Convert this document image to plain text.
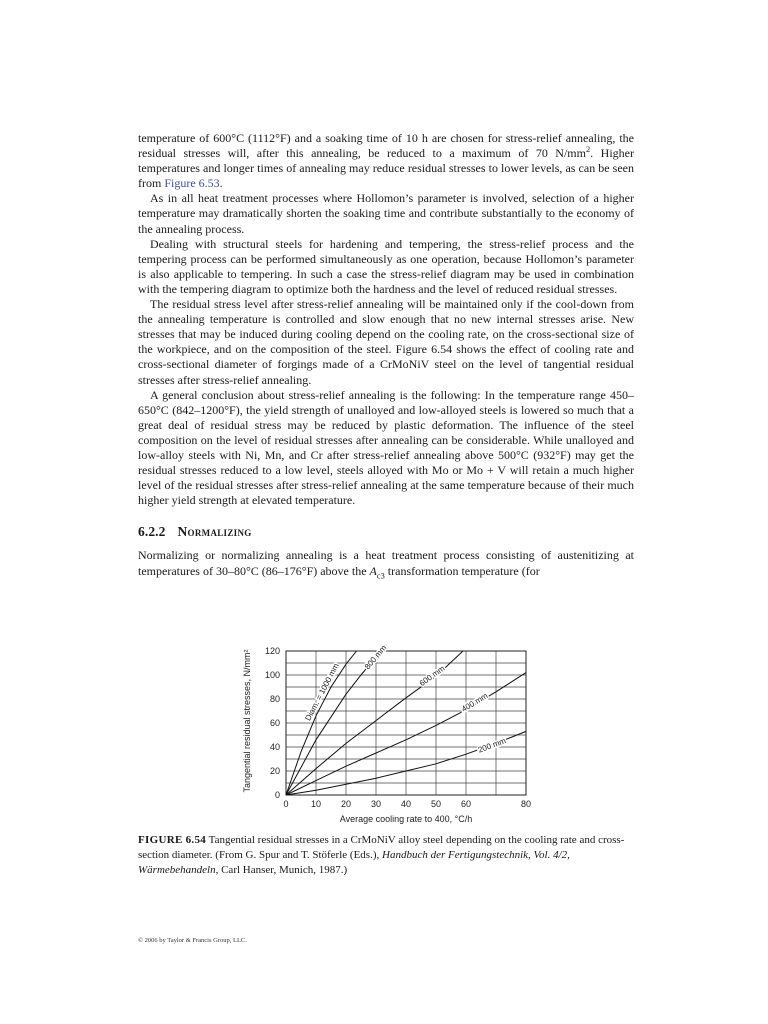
temperature of 600°C (1112°F) and a soaking time of 10 h are chosen for stress-relief annealing, the residual stresses will, after this annealing, be reduced to a maximum of 70 $N/mm^2$. Higher temperatures and longer times of annealing may reduce residual stresses to lower levels, as can be seen from Figure 6.53.

As in all heat treatment processes where Hollomon’s parameter is involved, selection of a higher temperature may dramatically shorten the soaking time and contribute substantially to the economy of the annealing process.

Dealing with structural steels for hardening and tempering, the stress-relief process and the tempering process can be performed simultaneously as one operation, because Hollomon’s parameter is also applicable to tempering. In such a case the stress-relief diagram may be used in combination with the tempering diagram to optimize both the hardness and the level of reduced residual stresses.

The residual stress level after stress-relief annealing will be maintained only if the cool-down from the annealing temperature is controlled and slow enough that no new internal stresses arise. New stresses that may be induced during cooling depend on the cooling rate, on the cross-sectional size of the workpiece, and on the composition of the steel. Figure 6.54 shows the effect of cooling rate and cross-sectional diameter of forgings made of a CrMoNiV steel on the level of tangential residual stresses after stress-relief annealing.

A general conclusion about stress-relief annealing is the following: In the temperature range 450–650°C (842–1200°F), the yield strength of unalloyed and low-alloyed steels is lowered so much that a great deal of residual stress may be reduced by plastic deformation. The influence of the steel composition on the level of residual stresses after annealing can be considerable. While unalloyed and low-alloy steels with Ni, Mn, and Cr after stress-relief annealing above 500°C (932°F) may get the residual stresses reduced to a low level, steels alloyed with Mo or Mo + V will retain a much higher level of the residual stresses after stress-relief annealing at the same temperature because of their much higher yield strength at elevated temperature.

6.2.2 Normalizing

Normalizing or normalizing annealing is a heat treatment process consisting of austenitizing at temperatures of 30–80°C (86–176°F) above the $A_{c3}$ transformation temperature (for

0 10 20 30 40 50 60	80
0
20
40
60
80
100
120
Average cooling rate to 400, °C/h
Tangential residual stresses, N/mm²	Diam. = 1000 mm
800 mm
600 mm
400 mm
200 mm
FIGURE 6.54 Tangential residual stresses in a CrMoNiV alloy steel depending on the cooling rate and cross-section diameter. (From G. Spur and T. Stöferle (Eds.), Handbuch der Fertigungstechnik, Vol. 4/2, Wärmebehandeln, Carl Hanser, Munich, 1987.)
© 2006 by Taylor & Francis Group, LLC.
